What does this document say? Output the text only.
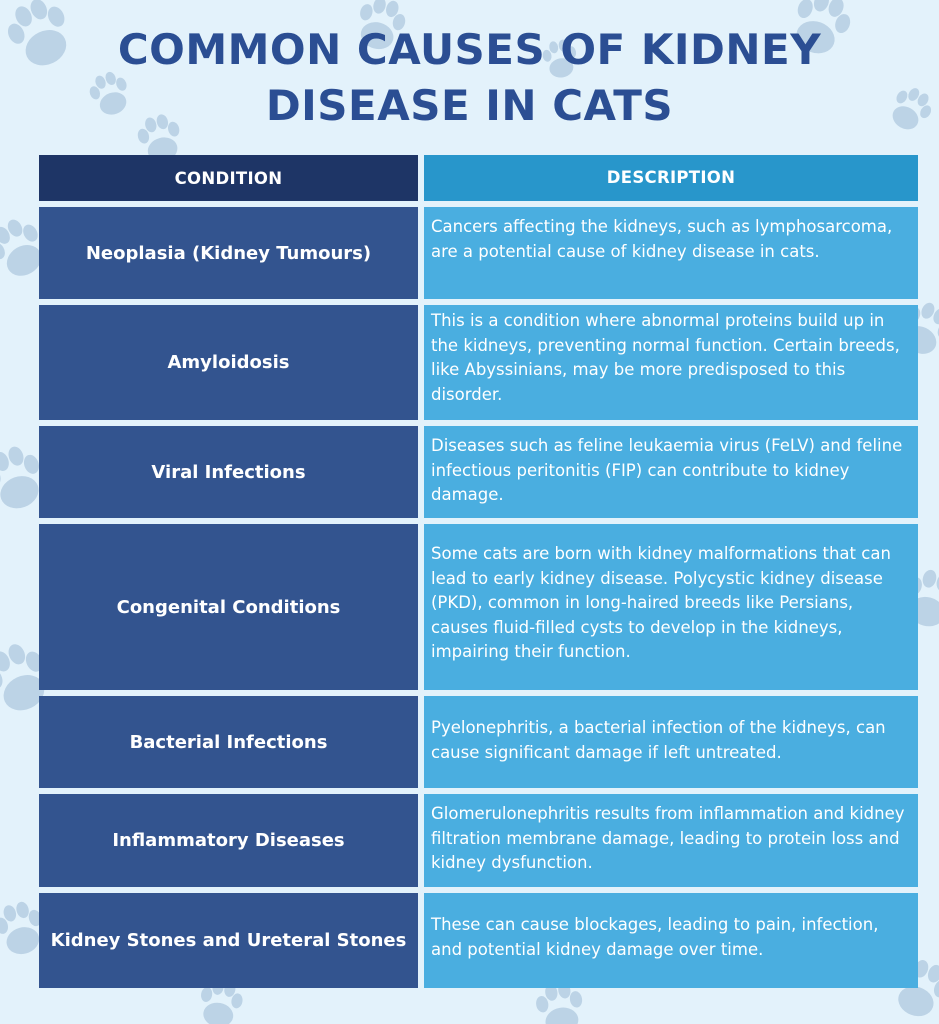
COMMON CAUSES OF KIDNEY
DISEASE IN CATS
CONDITION	DESCRIPTION
Neoplasia (Kidney Tumours)
Cancers affecting the kidneys, such as lymphosarcoma, are a potential cause of kidney disease in cats.
Amyloidosis
This is a condition where abnormal proteins build up in the kidneys, preventing normal function. Certain breeds, like Abyssinians, may be more predisposed to this disorder.
Viral Infections
Diseases such as feline leukaemia virus (FeLV) and feline infectious peritonitis (FIP) can contribute to kidney damage.
Congenital Conditions
Some cats are born with kidney malformations that can lead to early kidney disease. Polycystic kidney disease (PKD), common in long-haired breeds like Persians, causes fluid-filled cysts to develop in the kidneys, impairing their function.
Bacterial Infections
Pyelonephritis, a bacterial infection of the kidneys, can cause significant damage if left untreated.
Inflammatory Diseases
Glomerulonephritis results from inflammation and kidney filtration membrane damage, leading to protein loss and kidney dysfunction.
Kidney Stones and Ureteral Stones
These can cause blockages, leading to pain, infection, and potential kidney damage over time.
